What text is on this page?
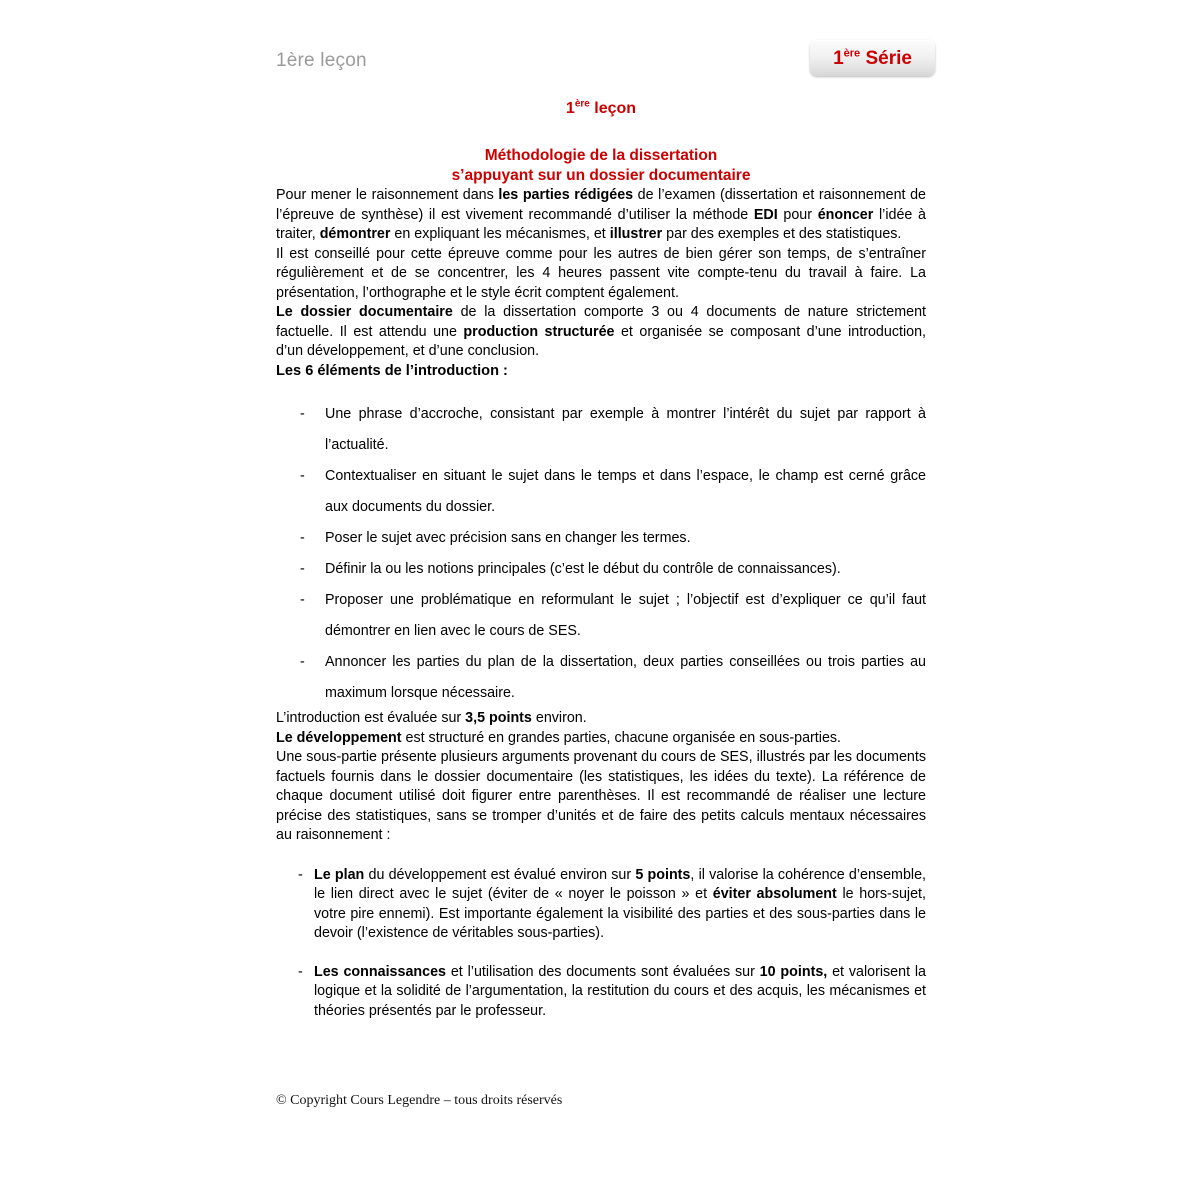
1ère leçon	1ère Série
1ère leçon
Méthodologie de la dissertation
s’appuyant sur un dossier documentaire

Pour mener le raisonnement dans les parties rédigées de l’examen (dissertation et raisonnement de l’épreuve de synthèse) il est vivement recommandé d’utiliser la méthode EDI pour énoncer l’idée à traiter, démontrer en expliquant les mécanismes, et illustrer par des exemples et des statistiques.

Il est conseillé pour cette épreuve comme pour les autres de bien gérer son temps, de s’entraîner régulièrement et de se concentrer, les 4 heures passent vite compte-tenu du travail à faire. La présentation, l’orthographe et le style écrit comptent également.

Le dossier documentaire de la dissertation comporte 3 ou 4 documents de nature strictement factuelle. Il est attendu une production structurée et organisée se composant d’une introduction, d’un développement, et d’une conclusion.

Les 6 éléments de l’introduction :

- Une phrase d’accroche, consistant par exemple à montrer l’intérêt du sujet par rapport à l’actualité.
- Contextualiser en situant le sujet dans le temps et dans l’espace, le champ est cerné grâce aux documents du dossier.
- Poser le sujet avec précision sans en changer les termes.
- Définir la ou les notions principales (c’est le début du contrôle de connaissances).
- Proposer une problématique en reformulant le sujet ; l’objectif est d’expliquer ce qu’il faut démontrer en lien avec le cours de SES.
- Annoncer les parties du plan de la dissertation, deux parties conseillées ou trois parties au maximum lorsque nécessaire.

L’introduction est évaluée sur 3,5 points environ.

Le développement est structuré en grandes parties, chacune organisée en sous-parties.

Une sous-partie présente plusieurs arguments provenant du cours de SES, illustrés par les documents factuels fournis dans le dossier documentaire (les statistiques, les idées du texte). La référence de chaque document utilisé doit figurer entre parenthèses. Il est recommandé de réaliser une lecture précise des statistiques, sans se tromper d’unités et de faire des petits calculs mentaux nécessaires au raisonnement :

- Le plan du développement est évalué environ sur 5 points, il valorise la cohérence d’ensemble, le lien direct avec le sujet (éviter de « noyer le poisson » et éviter absolument le hors-sujet, votre pire ennemi). Est importante également la visibilité des parties et des sous-parties dans le devoir (l’existence de véritables sous-parties).
- Les connaissances et l’utilisation des documents sont évaluées sur 10 points, et valorisent la logique et la solidité de l’argumentation, la restitution du cours et des acquis, les mécanismes et théories présentés par le professeur.
© Copyright Cours Legendre – tous droits réservés
